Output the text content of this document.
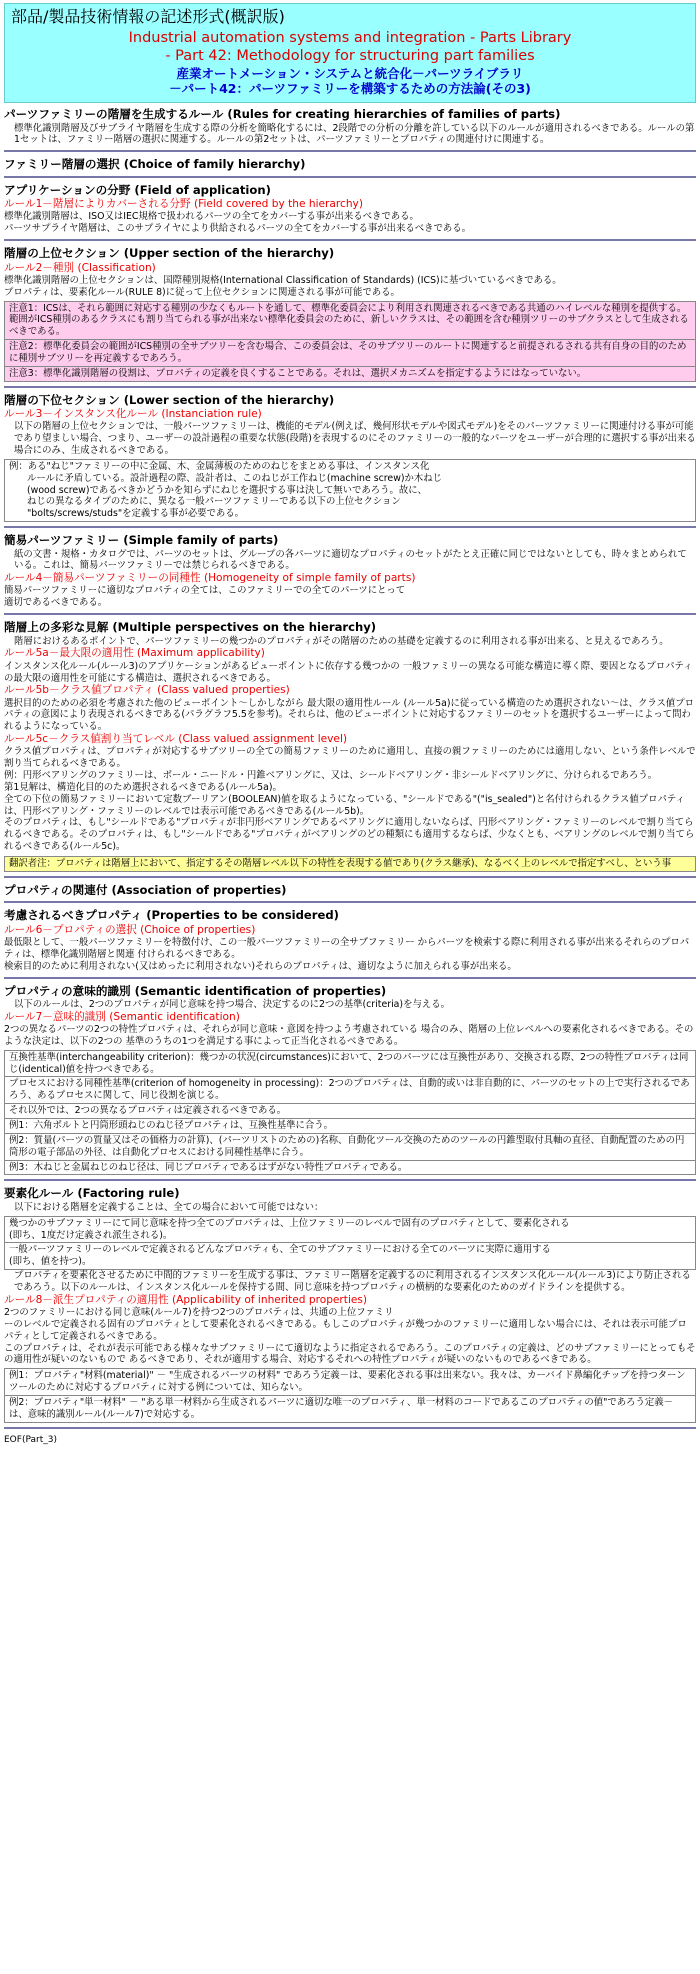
部品/製品技術情報の記述形式(概訳版)
Industrial automation systems and integration - Parts Library
- Part 42: Methodology for structuring part families
産業オートメーション・システムと統合化－パーツライブラリ
－パート42：パーツファミリーを構築するための方法論(その3)
パーツファミリーの階層を生成するルール (Rules for creating hierarchies of families of parts)

標準化識別階層及びサブライヤ階層を生成する際の分析を簡略化するには、2段階での分析の分離を許している以下のルールが適用されるべきである。ルールの第1セットは、ファミリー階層の選択に関連する。ルールの第2セットは、パーツファミリーとプロパティの関連付けに関連する。

ファミリー階層の選択 (Choice of family hierarchy)
アプリケーションの分野 (Field of application)
ルール1－階層によりカバーされる分野 (Field covered by the hierarchy)

標準化識別階層は、ISO又はIEC規格で扱われるパーツの全てをカバーする事が出来るべきである。

パーツサプライヤ階層は、このサプライヤにより供給されるパーツの全てをカバーする事が出来るべきである。

階層の上位セクション (Upper section of the hierarchy)
ルール2－種別 (Classification)

標準化識別階層の上位セクションは、国際種別規格(International Classification of Standards) (ICS)に基づいているべきである。

プロパティは、要素化ルール(RULE 8)に従って上位セクションに関連される事が可能である。

注意1：ICSは、それら範囲に対応する種別の少なくもルートを通して、標準化委員会により利用され関連されるべきである共通のハイレベルな種別を提供する。範囲がICS種別のあるクラスにも割り当てられる事が出来ない標準化委員会のために、新しいクラスは、その範囲を含む種別ツリーのサブクラスとして生成されるべきである。
注意2：標準化委員会の範囲がICS種別の全サブツリーを含む場合、この委員会は、そのサブツリーのルートに関連すると前提されるされる共有自身の目的のために種別サブツリーを再定義するであろう。
注意3：標準化識別階層の役割は、プロパティの定義を良くすることである。それは、選択メカニズムを指定するようにはなっていない。
階層の下位セクション (Lower section of the hierarchy)
ルール3－インスタンス化ルール (Instanciation rule)

以下の階層の上位セクションでは、一般パーツファミリーは、機能的モデル(例えば、幾何形状モデルや図式モデル)をそのパーツファミリーに関連付ける事が可能であり望ましい場合、つまり、ユーザーの設計過程の重要な状態(段階)を表現するのにそのファミリーの一般的なパーツをユーザーが合理的に選択する事が出来る場合にのみ、生成されるべきである。

例：ある"ねじ"ファミリーの中に金属、木、金属薄板のためのねじをまとめる事は、インスタンス化
ルールに矛盾している。設計過程の際、設計者は、このねじが工作ねじ(machine screw)か木ねじ
(wood screw)であるべきかどうかを知らずにねじを選択する事は決して無いであろう。故に、
ねじの異なるタイプのために、異なる一般パーツファミリーである以下の上位セクション
"bolts/screws/studs"を定義する事が必要である。
簡易パーツファミリー (Simple family of parts)

紙の文書・規格・カタログでは、パーツのセットは、グループの各パーツに適切なプロパティのセットがたとえ正確に同じではないとしても、時々まとめられている。これは、簡易パーツファミリーでは禁じられるべきである。

ルール4－簡易パーツファミリーの同種性 (Homogeneity of simple family of parts)

簡易パーツファミリーに適切なプロパティの全ては、このファミリーでの全てのパーツにとって

適切であるべきである。

階層上の多彩な見解 (Multiple perspectives on the hierarchy)

階層におけるあるポイントで、パーツファミリーの幾つかのプロパティがその階層のための基礎を定義するのに利用される事が出来る、と見えるであろう。

ルール5a－最大限の適用性 (Maximum applicability)

インスタンス化ルール(ルール3)のアプリケーションがあるビューポイントに依存する幾つかの 一般ファミリーの異なる可能な構造に導く際、要因となるプロパティの最大限の適用性を可能にする構造は、選択されるべきである。

ルール5b－クラス値プロパティ (Class valued properties)

選択目的のための必須を考慮された他のビューポイント～しかしながら 最大限の適用性ルール (ルール5a)に従っている構造のため選択されない～は、クラス値プロパティの意図により表現されるべきである(パラグラフ5.5を参考)。それらは、他のビューポイントに対応するファミリーのセットを選択するユーザーによって問われるようになっている。

ルール5c－クラス値割り当てレベル (Class valued assignment level)

クラス値プロパティは、プロパティが対応するサブツリーの全ての簡易ファミリーのために適用し、直接の親ファミリーのためには適用しない、という条件レベルで割り当てられるべきである。

例：円形ベアリングのファミリーは、ボール・ニードル・円錐ベアリングに、又は、シールドベアリング・非シールドベアリングに、分けられるであろう。

第1見解は、構造化目的のため選択されるべきである(ルール5a)。

全ての下位の簡易ファミリーにおいて定数ブーリアン(BOOLEAN)値を取るようになっている、"シールドである"("is_sealed")と名付けられるクラス値プロパティは、円形ベアリング・ファミリーのレベルでは表示可能であるべきである(ルール5b)。

そのプロパティは、もし"シールドである"プロパティが非円形ベアリングであるベアリングに適用しないならば、円形ベアリング・ファミリーのレベルで割り当てられるべきである。そのプロパティは、もし"シールドである"プロパティがベアリングのどの種類にも適用するならば、少なくとも、ベアリングのレベルで割り当てられるべきである(ルール5c)。

翻訳者注：プロパティは階層上において、指定するその階層レベル以下の特性を表現する値であり(クラス継承)、なるべく上のレベルで指定すべし、という事
プロパティの関連付 (Association of properties)
考慮されるべきプロパティ (Properties to be considered)
ルール6－プロパティの選択 (Choice of properties)

最低限として、一般パーツファミリーを特徴付け、この一般パーツファミリーの全サブファミリー からパーツを検索する際に利用される事が出来るそれらのプロパティは、標準化識別階層と関連 付けられるべきである。

検索目的のために利用されない(又はめったに利用されない)それらのプロパティは、適切なように加えられる事が出来る。

プロパティの意味的識別 (Semantic identification of properties)

以下のルールは、2つのプロパティが同じ意味を持つ場合、決定するのに2つの基準(criteria)を与える。

ルール7－意味的識別 (Semantic identification)

2つの異なるパーツの2つの特性プロパティは、それらが同じ意味・意図を持つよう考慮されている 場合のみ、階層の上位レベルへの要素化されるべきである。そのような決定は、以下の2つの 基準のうちの1つを満足する事によって正当化されるべきである。

互換性基準(interchangeability criterion)：幾つかの状況(circumstances)において、2つのパーツには互換性があり、交換される際、2つの特性プロパティは同じ(identical)値を持つべきである。
プロセスにおける同種性基準(criterion of homogeneity in processing)：2つのプロパティは、自動的或いは非自動的に、パーツのセットの上で実行されるであろう、あるプロセスに関して、同じ役割を演じる。
それ以外では、2つの異なるプロパティは定義されるべきである。
例1：六角ボルトと円筒形頭ねじのねじ径プロパティは、互換性基準に合う。
例2：質量(パーツの質量又はその価格力の計算)、(パーツリストのための)名称、自動化ツール交換のためのツールの円錐型取付具軸の直径、自動配置のための円筒形の電子部品の外径、は自動化プロセスにおける同種性基準に合う。
例3：木ねじと金属ねじのねじ径は、同じプロパティであるはずがない特性プロパティである。
要素化ルール (Factoring rule)

以下における階層を定義することは、全ての場合において可能ではない：

幾つかのサブファミリーにて同じ意味を持つ全てのプロパティは、上位ファミリーのレベルで固有のプロパティとして、要素化される
(即ち、1度だけ定義され派生される)。
一般パーツファミリーのレベルで定義されるどんなプロパティも、全てのサブファミリーにおける全てのパーツに実際に適用する
(即ち、値を持つ)。

プロパティを要素化させるために中間的ファミリーを生成する事は、ファミリー階層を定義するのに利用されるインスタンス化ルール(ルール3)により防止されるであろう。以下のルールは、インスタンス化ルールを保持する間、同じ意味を持つプロパティの横柄的な要素化のためのガイドラインを提供する。

ルール8－派生プロパティの適用性 (Applicability of inherited properties)

2つのファミリーにおける同じ意味(ルール7)を持つ2つのプロパティは、共通の上位ファミリ

ーのレベルで定義される固有のプロパティとして要素化されるべきである。もしこのプロパティが幾つかのファミリーに適用しない場合には、それは表示可能プロパティとして定義されるべきである。

このプロパティは、それが表示可能である様々なサブファミリーにて適切なように指定されるであろう。このプロパティの定義は、どのサブファミリーにとってもその適用性が疑いのないもので あるべきであり、それが適用する場合、対応するそれへの特性プロパティが疑いのないものであるべきである。

例1：プロパティ"材料(material)" － "生成されるパーツの材料" であろう定義－は、要素化される事は出来ない。我々は、カーバイド鼻編化チップを持つターンツールのために対応するプロパティに対する例については、知らない。
例2：プロパティ"単一材料" － "ある単一材料から生成されるパーツに適切な唯一のプロパティ、単一材料のコードであるこのプロパティの値"であろう定義－は、意味的識別ルール(ルール7)で対応する。
EOF(Part_3)
